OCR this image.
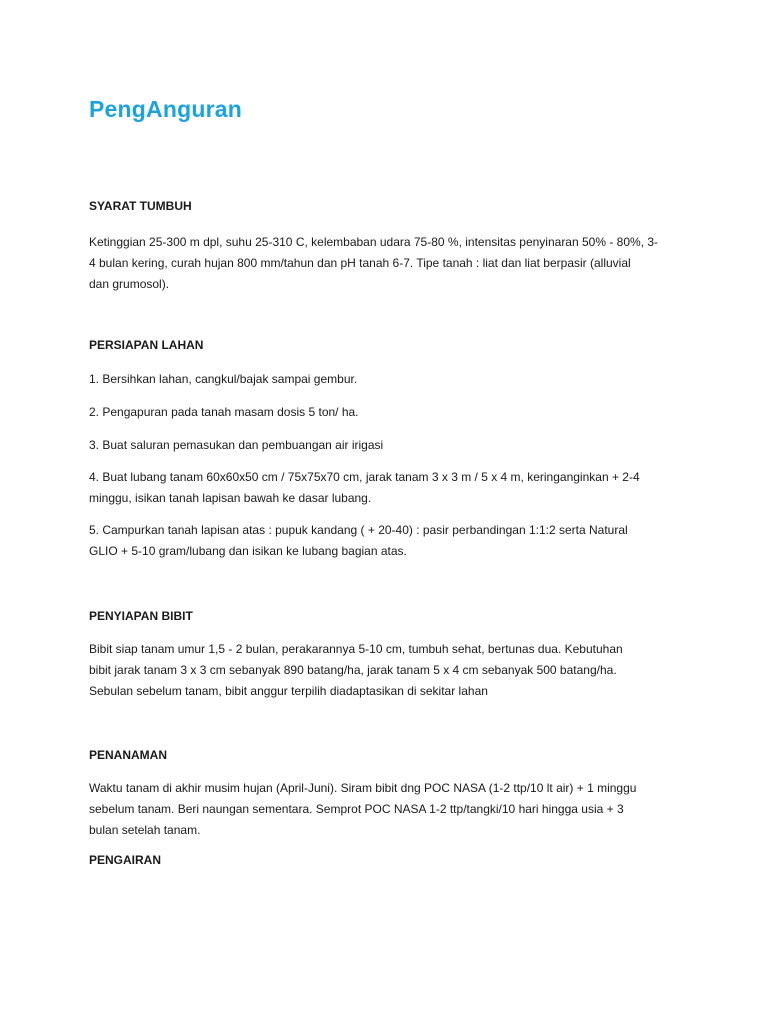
PengAnguran
SYARAT TUMBUH

Ketinggian 25-300 m dpl, suhu 25-310 C, kelembaban udara 75-80 %, intensitas penyinaran 50% - 80%, 3-
4 bulan kering, curah hujan 800 mm/tahun dan pH tanah 6-7. Tipe tanah : liat dan liat berpasir (alluvial
dan grumosol).

PERSIAPAN LAHAN

1. Bersihkan lahan, cangkul/bajak sampai gembur.

2. Pengapuran pada tanah masam dosis 5 ton/ ha.

3. Buat saluran pemasukan dan pembuangan air irigasi

4. Buat lubang tanam 60x60x50 cm / 75x75x70 cm, jarak tanam 3 x 3 m / 5 x 4 m, keringanginkan + 2-4
minggu, isikan tanah lapisan bawah ke dasar lubang.

5. Campurkan tanah lapisan atas : pupuk kandang ( + 20-40) : pasir perbandingan 1:1:2 serta Natural
GLIO + 5-10 gram/lubang dan isikan ke lubang bagian atas.

PENYIAPAN BIBIT

Bibit siap tanam umur 1,5 - 2 bulan, perakarannya 5-10 cm, tumbuh sehat, bertunas dua. Kebutuhan
bibit jarak tanam 3 x 3 cm sebanyak 890 batang/ha, jarak tanam 5 x 4 cm sebanyak 500 batang/ha.
Sebulan sebelum tanam, bibit anggur terpilih diadaptasikan di sekitar lahan

PENANAMAN

Waktu tanam di akhir musim hujan (April-Juni). Siram bibit dng POC NASA (1-2 ttp/10 lt air) + 1 minggu
sebelum tanam. Beri naungan sementara. Semprot POC NASA 1-2 ttp/tangki/10 hari hingga usia + 3
bulan setelah tanam.

PENGAIRAN
